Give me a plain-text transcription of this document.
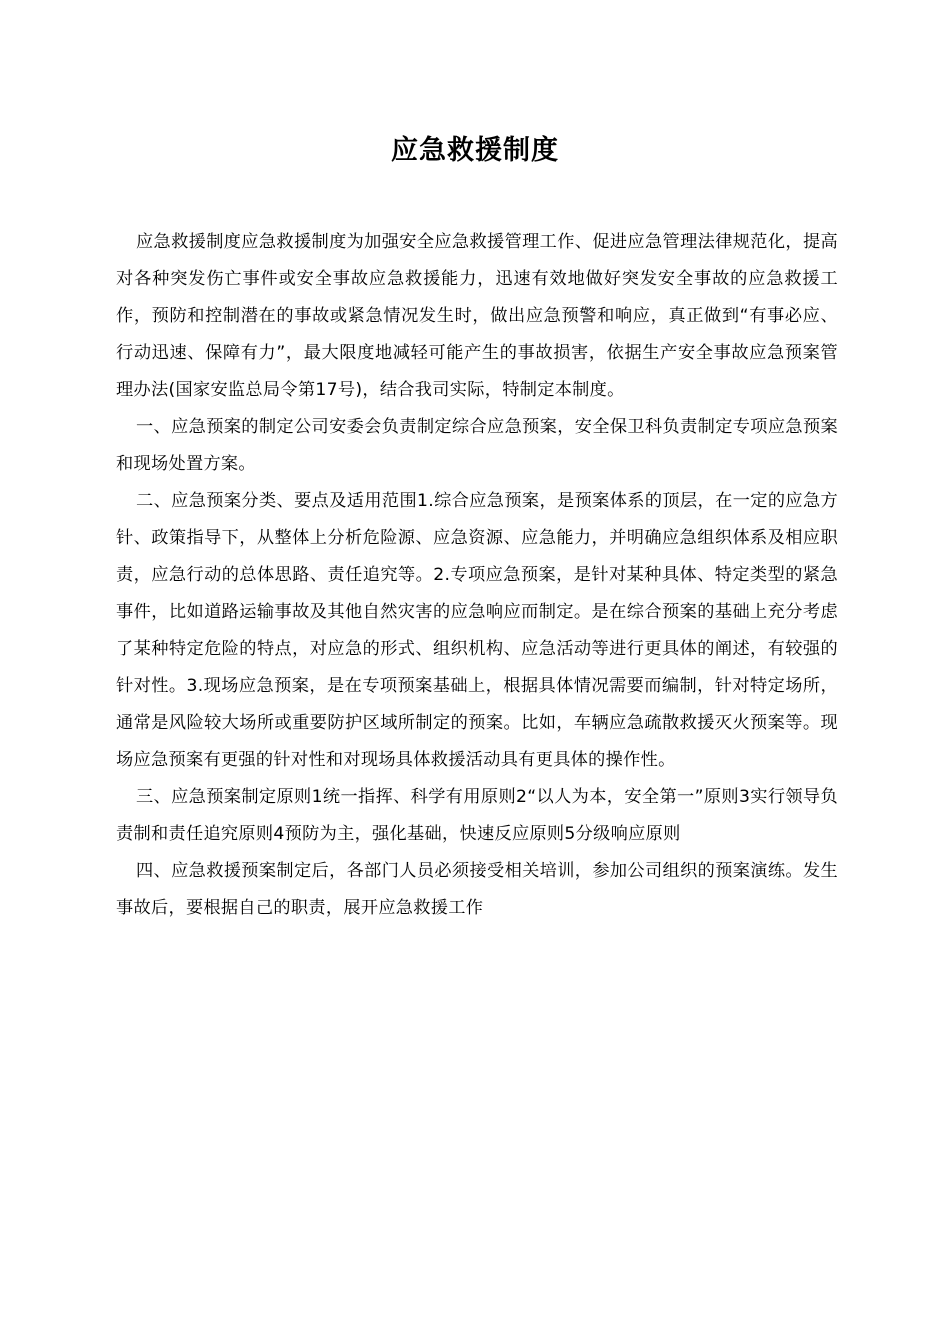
应急救援制度

应急救援制度应急救援制度为加强安全应急救援管理工作、促进应急管理法律规范化，提高对各种突发伤亡事件或安全事故应急救援能力，迅速有效地做好突发安全事故的应急救援工作，预防和控制潜在的事故或紧急情况发生时，做出应急预警和响应，真正做到“有事必应、行动迅速、保障有力”，最大限度地减轻可能产生的事故损害，依据生产安全事故应急预案管理办法(国家安监总局令第17号)，结合我司实际，特制定本制度。

一、应急预案的制定公司安委会负责制定综合应急预案，安全保卫科负责制定专项应急预案和现场处置方案。

二、应急预案分类、要点及适用范围1.综合应急预案，是预案体系的顶层，在一定的应急方针、政策指导下，从整体上分析危险源、应急资源、应急能力，并明确应急组织体系及相应职责，应急行动的总体思路、责任追究等。2.专项应急预案，是针对某种具体、特定类型的紧急事件，比如道路运输事故及其他自然灾害的应急响应而制定。是在综合预案的基础上充分考虑了某种特定危险的特点，对应急的形式、组织机构、应急活动等进行更具体的阐述，有较强的针对性。3.现场应急预案，是在专项预案基础上，根据具体情况需要而编制，针对特定场所，通常是风险较大场所或重要防护区域所制定的预案。比如，车辆应急疏散救援灭火预案等。现场应急预案有更强的针对性和对现场具体救援活动具有更具体的操作性。

三、应急预案制定原则1统一指挥、科学有用原则2“以人为本，安全第一”原则3实行领导负责制和责任追究原则4预防为主，强化基础，快速反应原则5分级响应原则

四、应急救援预案制定后，各部门人员必须接受相关培训，参加公司组织的预案演练。发生事故后，要根据自己的职责，展开应急救援工作
